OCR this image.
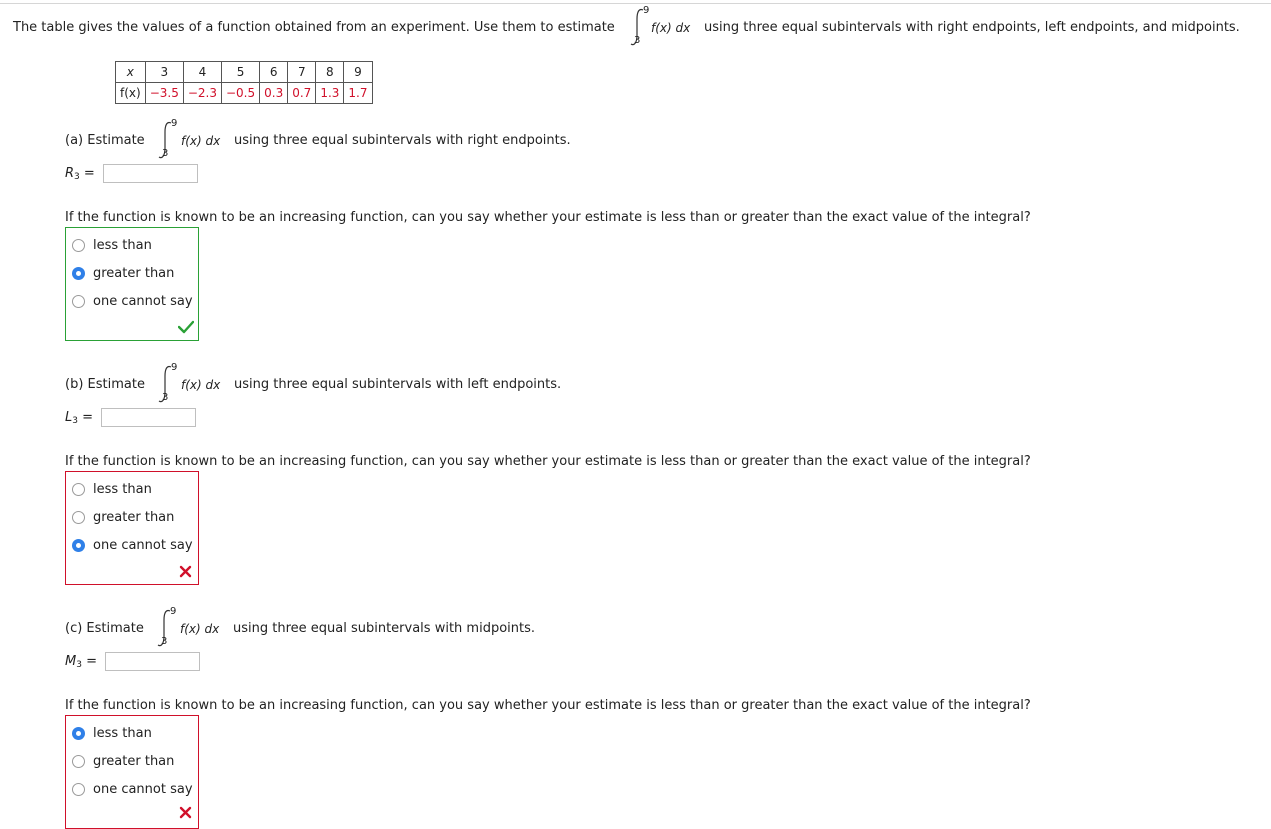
The table gives the values of a function obtained from an experiment. Use them to estimate
9
3
f(x) dx using three equal subintervals with right endpoints, left endpoints, and midpoints.
x	3	4	5	6	7	8	9
f(x)	−3.5	−2.3	−0.5	0.3	0.7	1.3	1.7
(a) Estimate
9
3
f(x) dx using three equal subintervals with right endpoints.
$R_3$ =
If the function is known to be an increasing function, can you say whether your estimate is less than or greater than the exact value of the integral?
less than
greater than
one cannot say
(b) Estimate
9
3
f(x) dx using three equal subintervals with left endpoints.
$L_3$ =
If the function is known to be an increasing function, can you say whether your estimate is less than or greater than the exact value of the integral?
less than
greater than
one cannot say
(c) Estimate
9
3
f(x) dx using three equal subintervals with midpoints.
$M_3$ =
If the function is known to be an increasing function, can you say whether your estimate is less than or greater than the exact value of the integral?
less than
greater than
one cannot say
